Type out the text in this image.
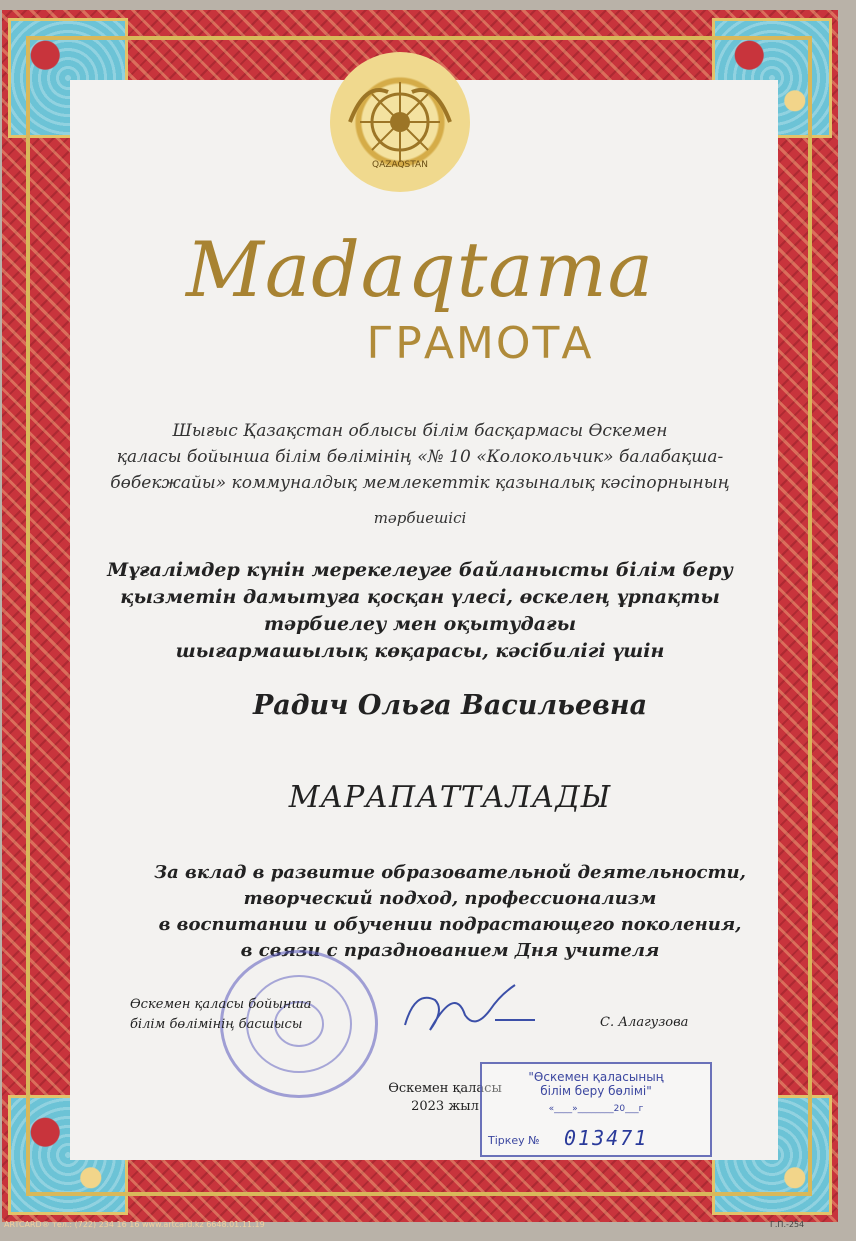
QAZAQSTAN
Madaqtama
ГРАМОТА
Шығыс Қазақстан облысы білім басқармасы Өскемен
қаласы бойынша білім бөлімінің «№ 10 «Колокольчик» балабақша-
бөбекжайы» коммуналдық мемлекеттік қазыналық кәсіпорнының
тәрбиешісі
Мұғалімдер күнін мерекелеуге байланысты білім беру
қызметін дамытуға қосқан үлесі, өскелең ұрпақты
тәрбиелеу мен оқытудағы
шығармашылық көқарасы, кәсібилігі үшін
Радич Ольга Васильевна
МАРАПАТТАЛАДЫ
За вклад в развитие образовательной деятельности,
творческий подход, профессионализм
в воспитании и обучении подрастающего поколения,
в связи с празднованием Дня учителя
Өскемен қаласы бойынша
білім бөлімінің басшысы	С. Алагузова
Өскемен қаласы
2023 жыл
"Өскемен қаласының
білім беру бөлімі"
«____»________20___г
Тіркеу № 013471
ARTCARD® тел.: (722) 234 16 16 www.artcard.kz 6648.01.11.19	Г.П.-254
